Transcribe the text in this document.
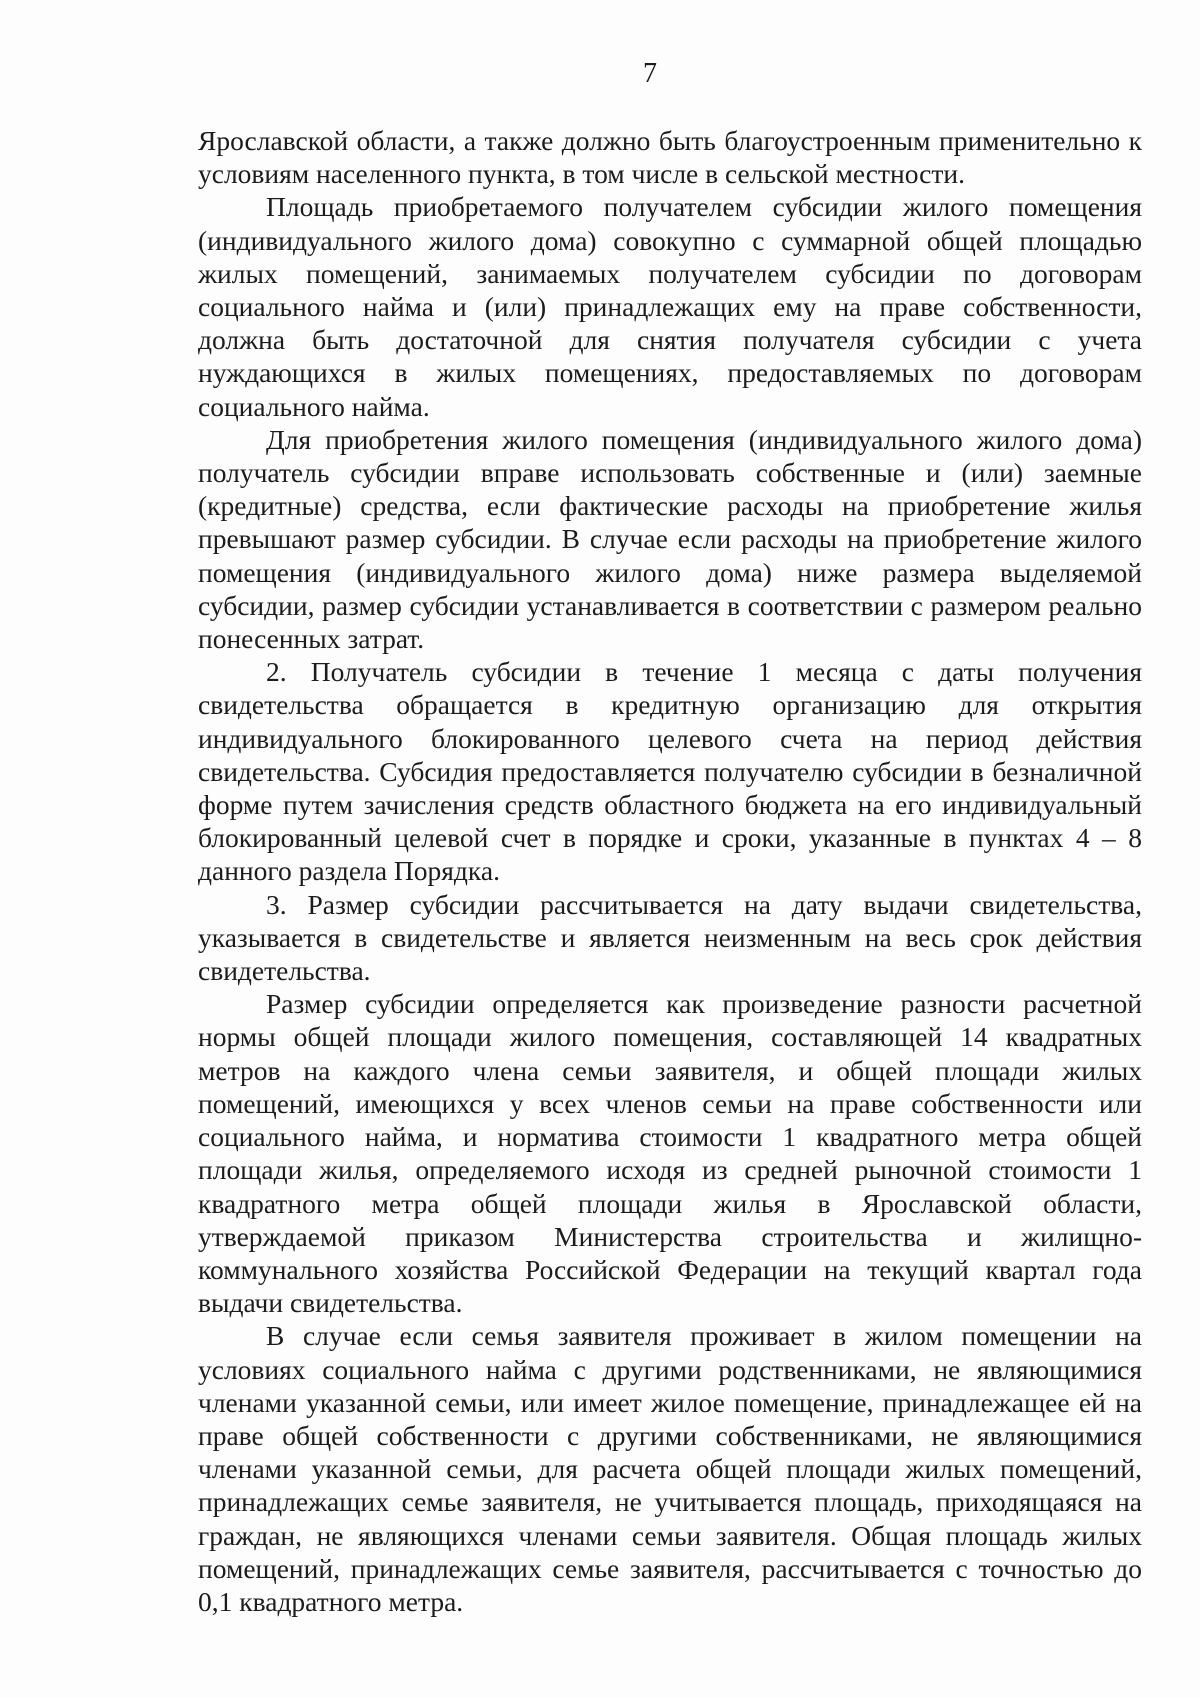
7

Ярославской области, а также должно быть благоустроенным применительно к условиям населенного пункта, в том числе в сельской местности.

Площадь приобретаемого получателем субсидии жилого помещения (индивидуального жилого дома) совокупно с суммарной общей площадью жилых помещений, занимаемых получателем субсидии по договорам социального найма и (или) принадлежащих ему на праве собственности, должна быть достаточной для снятия получателя субсидии с учета нуждающихся в жилых помещениях, предоставляемых по договорам социального найма.

Для приобретения жилого помещения (индивидуального жилого дома) получатель субсидии вправе использовать собственные и (или) заемные (кредитные) средства, если фактические расходы на приобретение жилья превышают размер субсидии. В случае если расходы на приобретение жилого помещения (индивидуального жилого дома) ниже размера выделяемой субсидии, размер субсидии устанавливается в соответствии с размером реально понесенных затрат.

2. Получатель субсидии в течение 1 месяца с даты получения свидетельства обращается в кредитную организацию для открытия индивидуального блокированного целевого счета на период действия свидетельства. Субсидия предоставляется получателю субсидии в безналичной форме путем зачисления средств областного бюджета на его индивидуальный блокированный целевой счет в порядке и сроки, указанные в пунктах 4 – 8 данного раздела Порядка.

3. Размер субсидии рассчитывается на дату выдачи свидетельства, указывается в свидетельстве и является неизменным на весь срок действия свидетельства.

Размер субсидии определяется как произведение разности расчетной нормы общей площади жилого помещения, составляющей 14 квадратных метров на каждого члена семьи заявителя, и общей площади жилых помещений, имеющихся у всех членов семьи на праве собственности или социального найма, и норматива стоимости 1 квадратного метра общей площади жилья, определяемого исходя из средней рыночной стоимости 1 квадратного метра общей площади жилья в Ярославской области, утверждаемой приказом Министерства строительства и жилищно-коммунального хозяйства Российской Федерации на текущий квартал года выдачи свидетельства.

В случае если семья заявителя проживает в жилом помещении на условиях социального найма с другими родственниками, не являющимися членами указанной семьи, или имеет жилое помещение, принадлежащее ей на праве общей собственности с другими собственниками, не являющимися членами указанной семьи, для расчета общей площади жилых помещений, принадлежащих семье заявителя, не учитывается площадь, приходящаяся на граждан, не являющихся членами семьи заявителя. Общая площадь жилых помещений, принадлежащих семье заявителя, рассчитывается с точностью до 0,1 квадратного метра.
